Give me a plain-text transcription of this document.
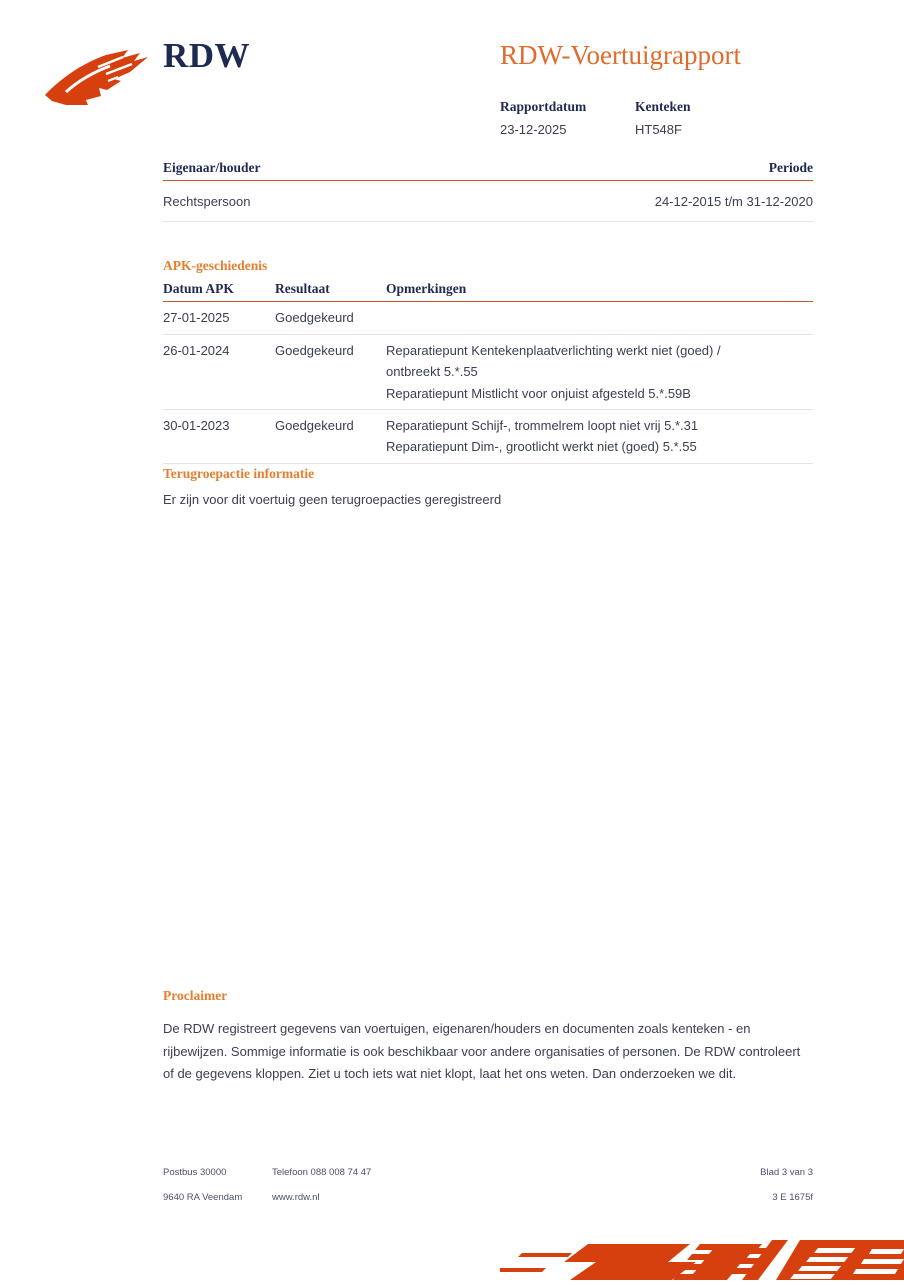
RDW	RDW-Voertuigrapport
Rapportdatum
23-12-2025
Kenteken
HT548F
Eigenaar/houder	Periode
Rechtspersoon	24-12-2015 t/m 31-12-2020
APK-geschiedenis
Datum APK	Resultaat	Opmerkingen
27-01-2025	Goedgekeurd	

26-01-2024	Goedgekeurd	Reparatiepunt Kentekenplaatverlichting werkt niet (goed) /
ontbreekt 5.*.55
Reparatiepunt Mistlicht voor onjuist afgesteld 5.*.59B

30-01-2023	Goedgekeurd	Reparatiepunt Schijf-, trommelrem loopt niet vrij 5.*.31
Reparatiepunt Dim-, grootlicht werkt niet (goed) 5.*.55
Terugroepactie informatie
Er zijn voor dit voertuig geen terugroepacties geregistreerd
Proclaimer
De RDW registreert gegevens van voertuigen, eigenaren/houders en documenten zoals kenteken - en rijbewijzen. Sommige informatie is ook beschikbaar voor andere organisaties of personen. De RDW controleert of de gegevens kloppen. Ziet u toch iets wat niet klopt, laat het ons weten. Dan onderzoeken we dit.
Postbus 30000	Telefoon 088 008 74 47	Blad 3 van 3
9640 RA Veendam	www.rdw.nl	3 E 1675f
